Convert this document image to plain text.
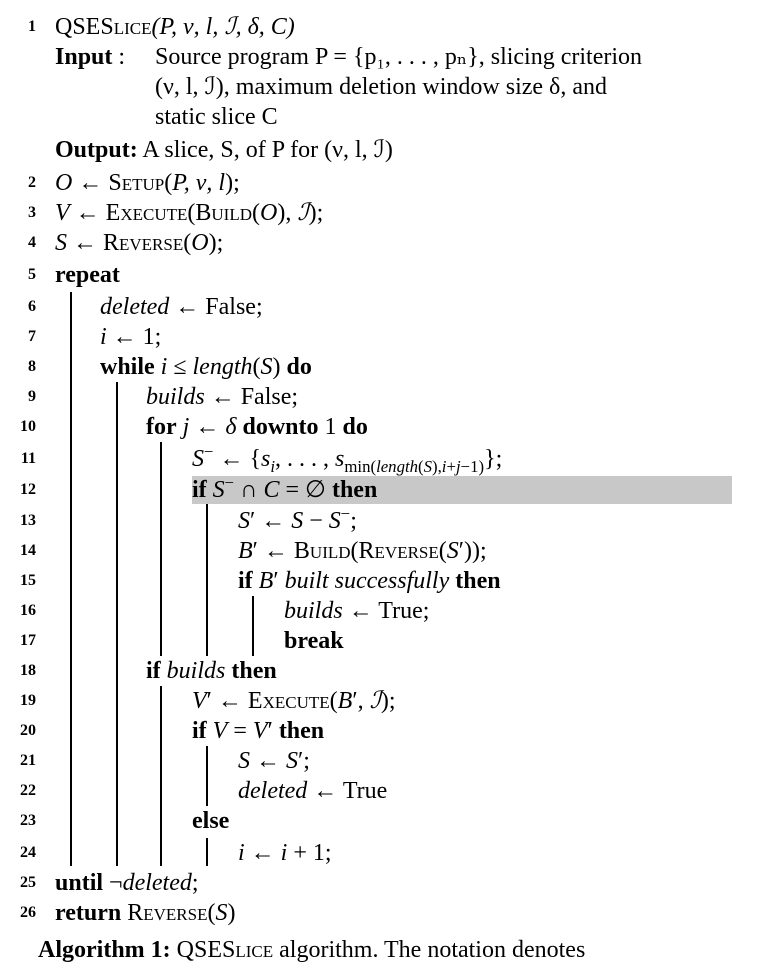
1 QSESlice(P, ν, l, ℐ, δ, C)
Input : Source program P = {p₁, . . . , pₙ}, slicing criterion
(ν, l, ℐ), maximum deletion window size δ, and
static slice C
Output: A slice, S, of P for (ν, l, ℐ)
2 O ← Setup(P, ν, l);
3 V ← Execute(Build(O), ℐ);
4 S ← Reverse(O);
5 repeat
6	deleted ← False;
7	i ← 1;
8	while i ≤ length(S) do
9	builds ← False;
10	for j ← δ downto 1 do
11	S− ← {$s_i$, . . . , $s_{min(length(S),i+j-1)}$};
12	if S− ∩ C = ∅ then
13	S′ ← S − S−;
14	B′ ← Build(Reverse(S′));
15	if B′ built successfully then
16	builds ← True;
17	break
18	if builds then
19	V′ ← Execute(B′, ℐ);
20	if V = V′ then
21	S ← S′;
22	deleted ← True
23	else
24	i ← i + 1;
25 until ¬deleted;
26 return Reverse(S)
Algorithm 1: QSESlice algorithm. The notation denotes
